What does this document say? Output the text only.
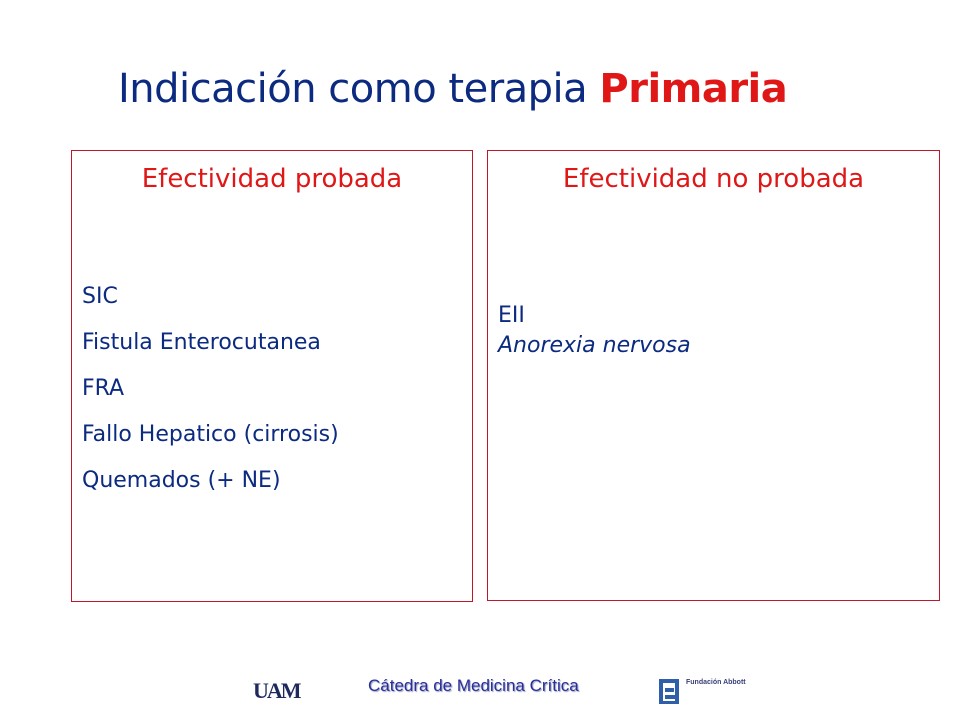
Indicación como terapia Primaria
Efectividad probada
SIC
Fistula Enterocutanea
FRA
Fallo Hepatico (cirrosis)
Quemados (+ NE)
Efectividad no probada
EII
Anorexia nervosa
UAM	Cátedra de Medicina Crítica	Fundación Abbott
